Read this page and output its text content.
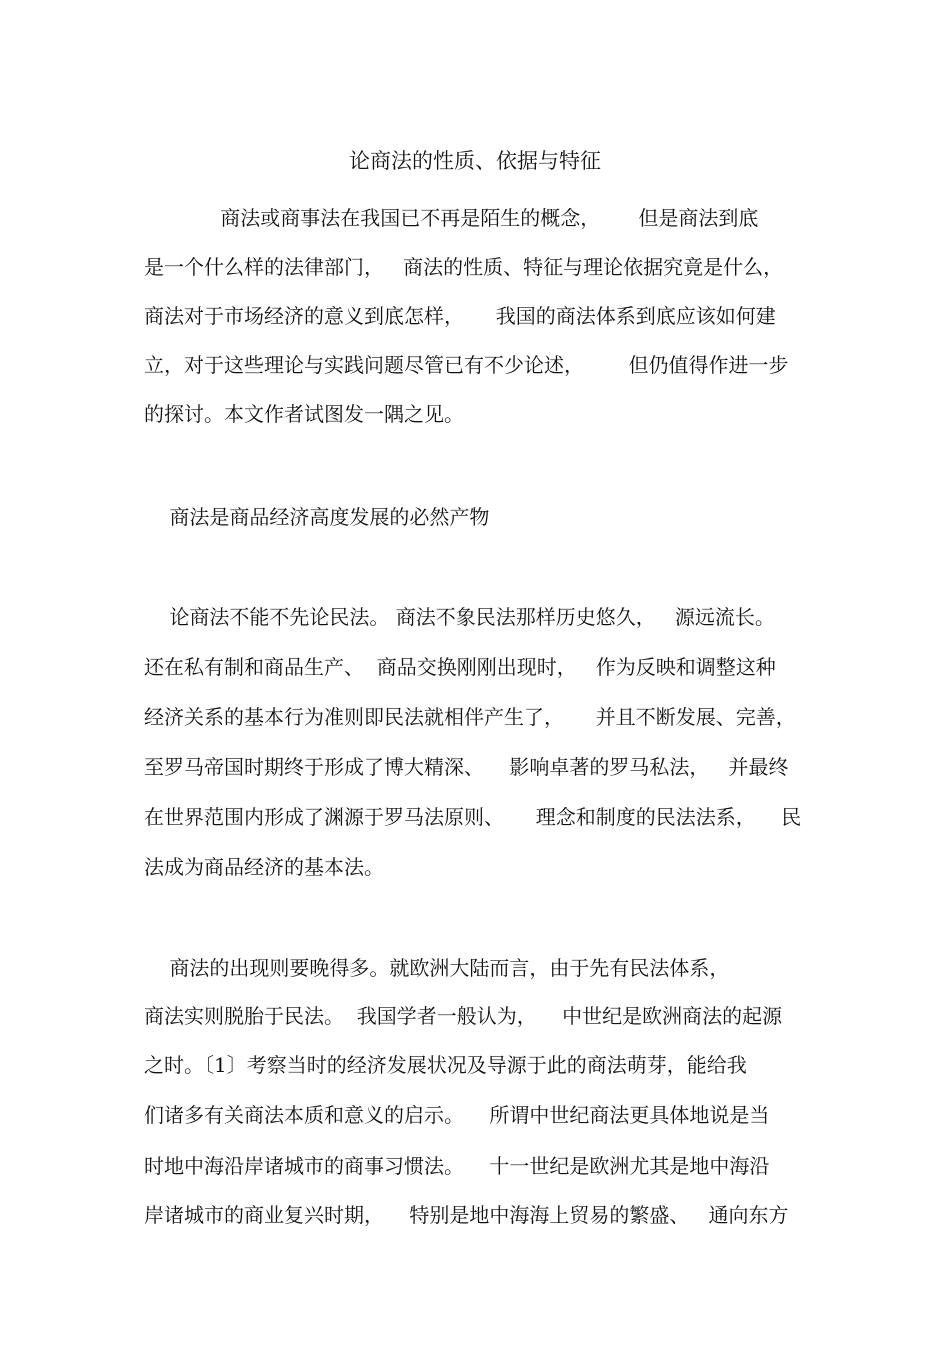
论商法的性质、依据与特征
商法或商事法在我国已不再是陌生的概念，      但是商法到底
是一个什么样的法律部门，   商法的性质、特征与理论依据究竟是什么，
商法对于市场经济的意义到底怎样，     我国的商法体系到底应该如何建
立，对于这些理论与实践问题尽管已有不少论述，       但仍值得作进一步
的探讨。本文作者试图发一隅之见。
商法是商品经济高度发展的必然产物
论商法不能不先论民法。 商法不象民法那样历史悠久，   源远流长。
还在私有制和商品生产、  商品交换刚刚出现时，   作为反映和调整这种
经济关系的基本行为准则即民法就相伴产生了，     并且不断发展、完善，
至罗马帝国时期终于形成了博大精深、    影响卓著的罗马私法，   并最终
在世界范围内形成了渊源于罗马法原则、     理念和制度的民法法系，    民
法成为商品经济的基本法。
商法的出现则要晚得多。就欧洲大陆而言，由于先有民法体系，
商法实则脱胎于民法。  我国学者一般认为，    中世纪是欧洲商法的起源
之时。〔1〕考察当时的经济发展状况及导源于此的商法萌芽，能给我
们诸多有关商法本质和意义的启示。    所谓中世纪商法更具体地说是当
时地中海沿岸诸城市的商事习惯法。    十一世纪是欧洲尤其是地中海沿
岸诸城市的商业复兴时期，    特别是地中海海上贸易的繁盛、   通向东方
